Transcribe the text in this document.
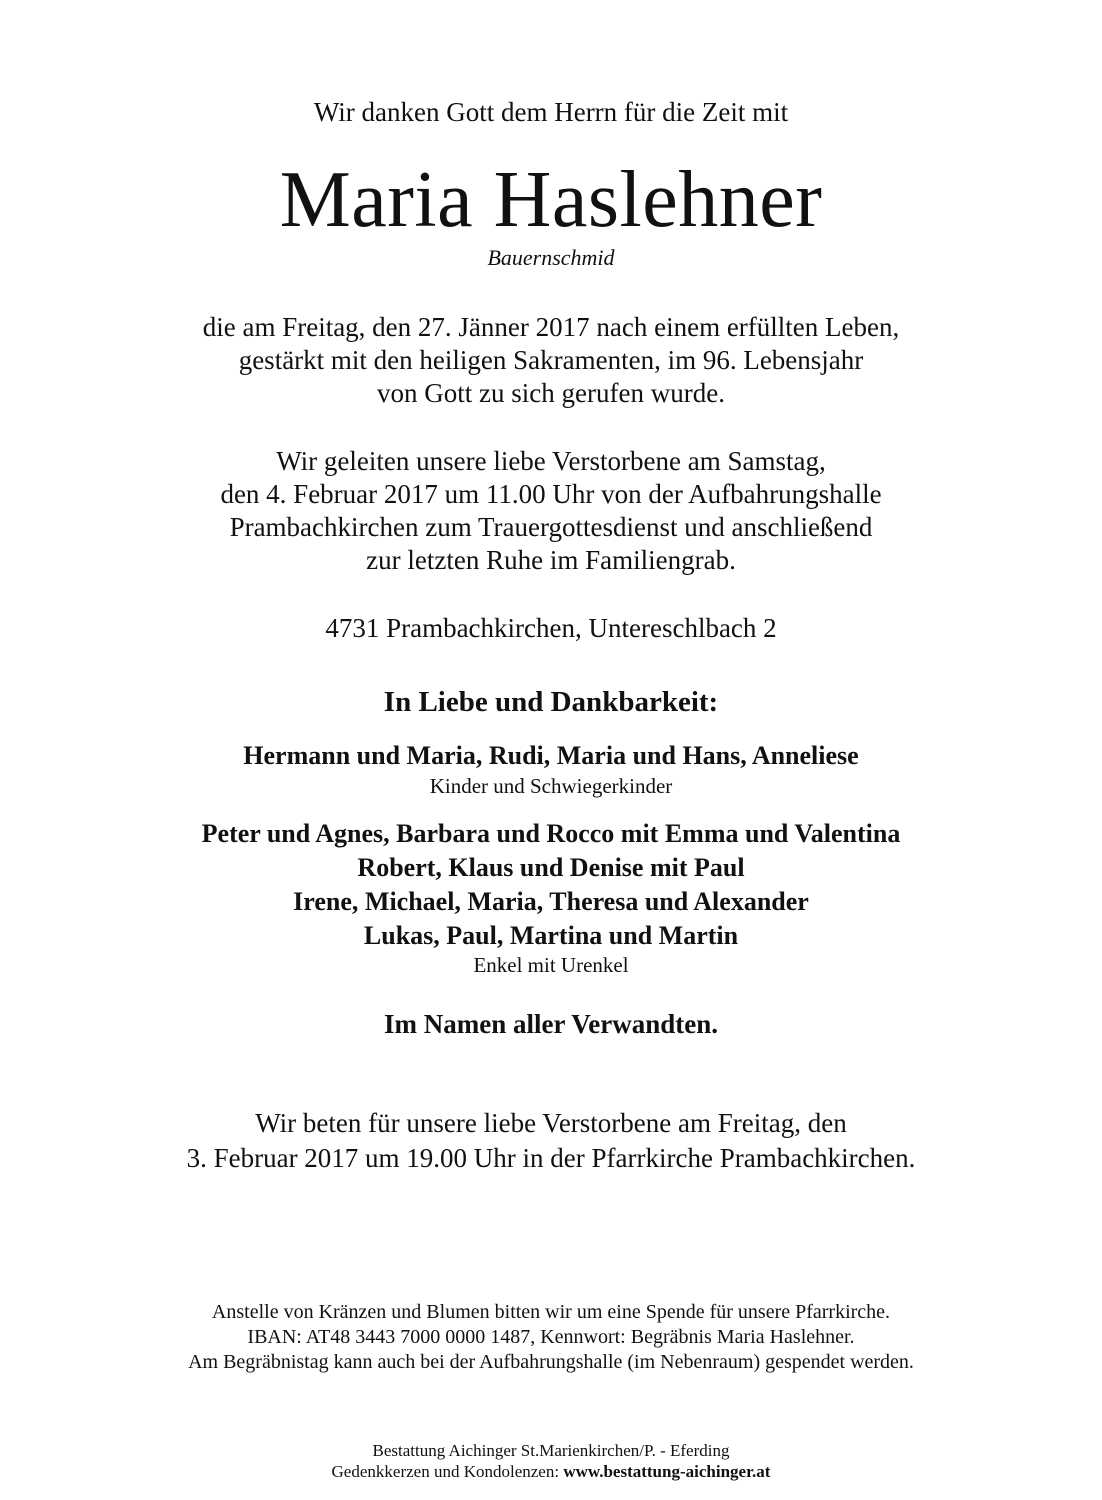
Wir danken Gott dem Herrn für die Zeit mit
Maria Haslehner
Bauernschmid
die am Freitag, den 27. Jänner 2017 nach einem erfüllten Leben,
gestärkt mit den heiligen Sakramenten, im 96. Lebensjahr
von Gott zu sich gerufen wurde.
Wir geleiten unsere liebe Verstorbene am Samstag,
den 4. Februar 2017 um 11.00 Uhr von der Aufbahrungshalle
Prambachkirchen zum Trauergottesdienst und anschließend
zur letzten Ruhe im Familiengrab.
4731 Prambachkirchen, Untereschlbach 2
In Liebe und Dankbarkeit:
Hermann und Maria, Rudi, Maria und Hans, Anneliese
Kinder und Schwiegerkinder
Peter und Agnes, Barbara und Rocco mit Emma und Valentina
Robert, Klaus und Denise mit Paul
Irene, Michael, Maria, Theresa und Alexander
Lukas, Paul, Martina und Martin
Enkel mit Urenkel
Im Namen aller Verwandten.
Wir beten für unsere liebe Verstorbene am Freitag, den
3. Februar 2017 um 19.00 Uhr in der Pfarrkirche Prambachkirchen.
Anstelle von Kränzen und Blumen bitten wir um eine Spende für unsere Pfarrkirche.
IBAN: AT48 3443 7000 0000 1487, Kennwort: Begräbnis Maria Haslehner.
Am Begräbnistag kann auch bei der Aufbahrungshalle (im Nebenraum) gespendet werden.
Bestattung Aichinger St.Marienkirchen/P. - Eferding
Gedenkkerzen und Kondolenzen: www.bestattung-aichinger.at
